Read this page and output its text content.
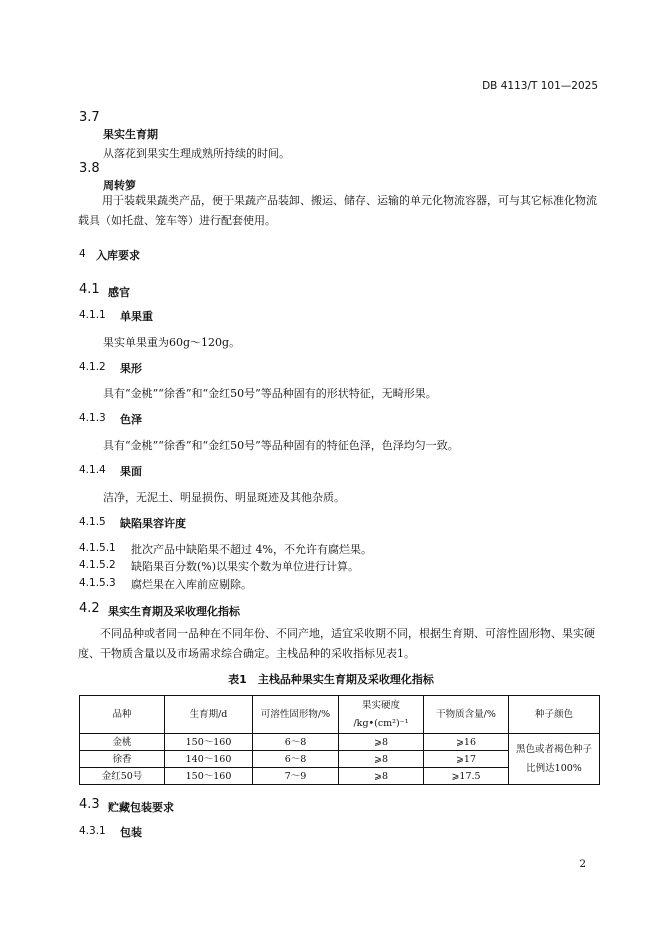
DB 4113/T 101—2025
3.7
果实生育期
从落花到果实生理成熟所持续的时间。
3.8
周转箩
用于装载果蔬类产品，便于果蔬产品装卸、搬运、储存、运输的单元化物流容器，可与其它标准化物流载具（如托盘、笼车等）进行配套使用。
4 入库要求
4.1 感官
4.1.1 单果重
果实单果重为60g～120g。
4.1.2 果形
具有“金桃”“徐香”和“金红50号”等品种固有的形状特征，无畸形果。
4.1.3 色泽
具有“金桃”“徐香”和“金红50号”等品种固有的特征色泽，色泽均匀一致。
4.1.4 果面
洁净，无泥土、明显损伤、明显斑迹及其他杂质。
4.1.5 缺陷果容许度
4.1.5.1 批次产品中缺陷果不超过 4%，不允许有腐烂果。
4.1.5.2 缺陷果百分数(%)以果实个数为单位进行计算。
4.1.5.3 腐烂果在入库前应剔除。
4.2 果实生育期及采收理化指标
不同品种或者同一品种在不同年份、不同产地，适宜采收期不同，根据生育期、可溶性固形物、果实硬度、干物质含量以及市场需求综合确定。主栈品种的采收指标见表1。
表1　主栈品种果实生育期及采收理化指标
品种	生育期/d	可溶性固形物/%	果实硬度
/kg•(cm²)⁻¹	干物质含量/%	种子颜色
金桃	150～160	6～8	⩾8	⩾16	黑色或者褐色种子
比例达100%

徐香	140～160	6～8	⩾8	⩾17	
金红50号	150～160	7～9	⩾8	⩾17.5	
4.3 贮藏包装要求
4.3.1 包装
2
